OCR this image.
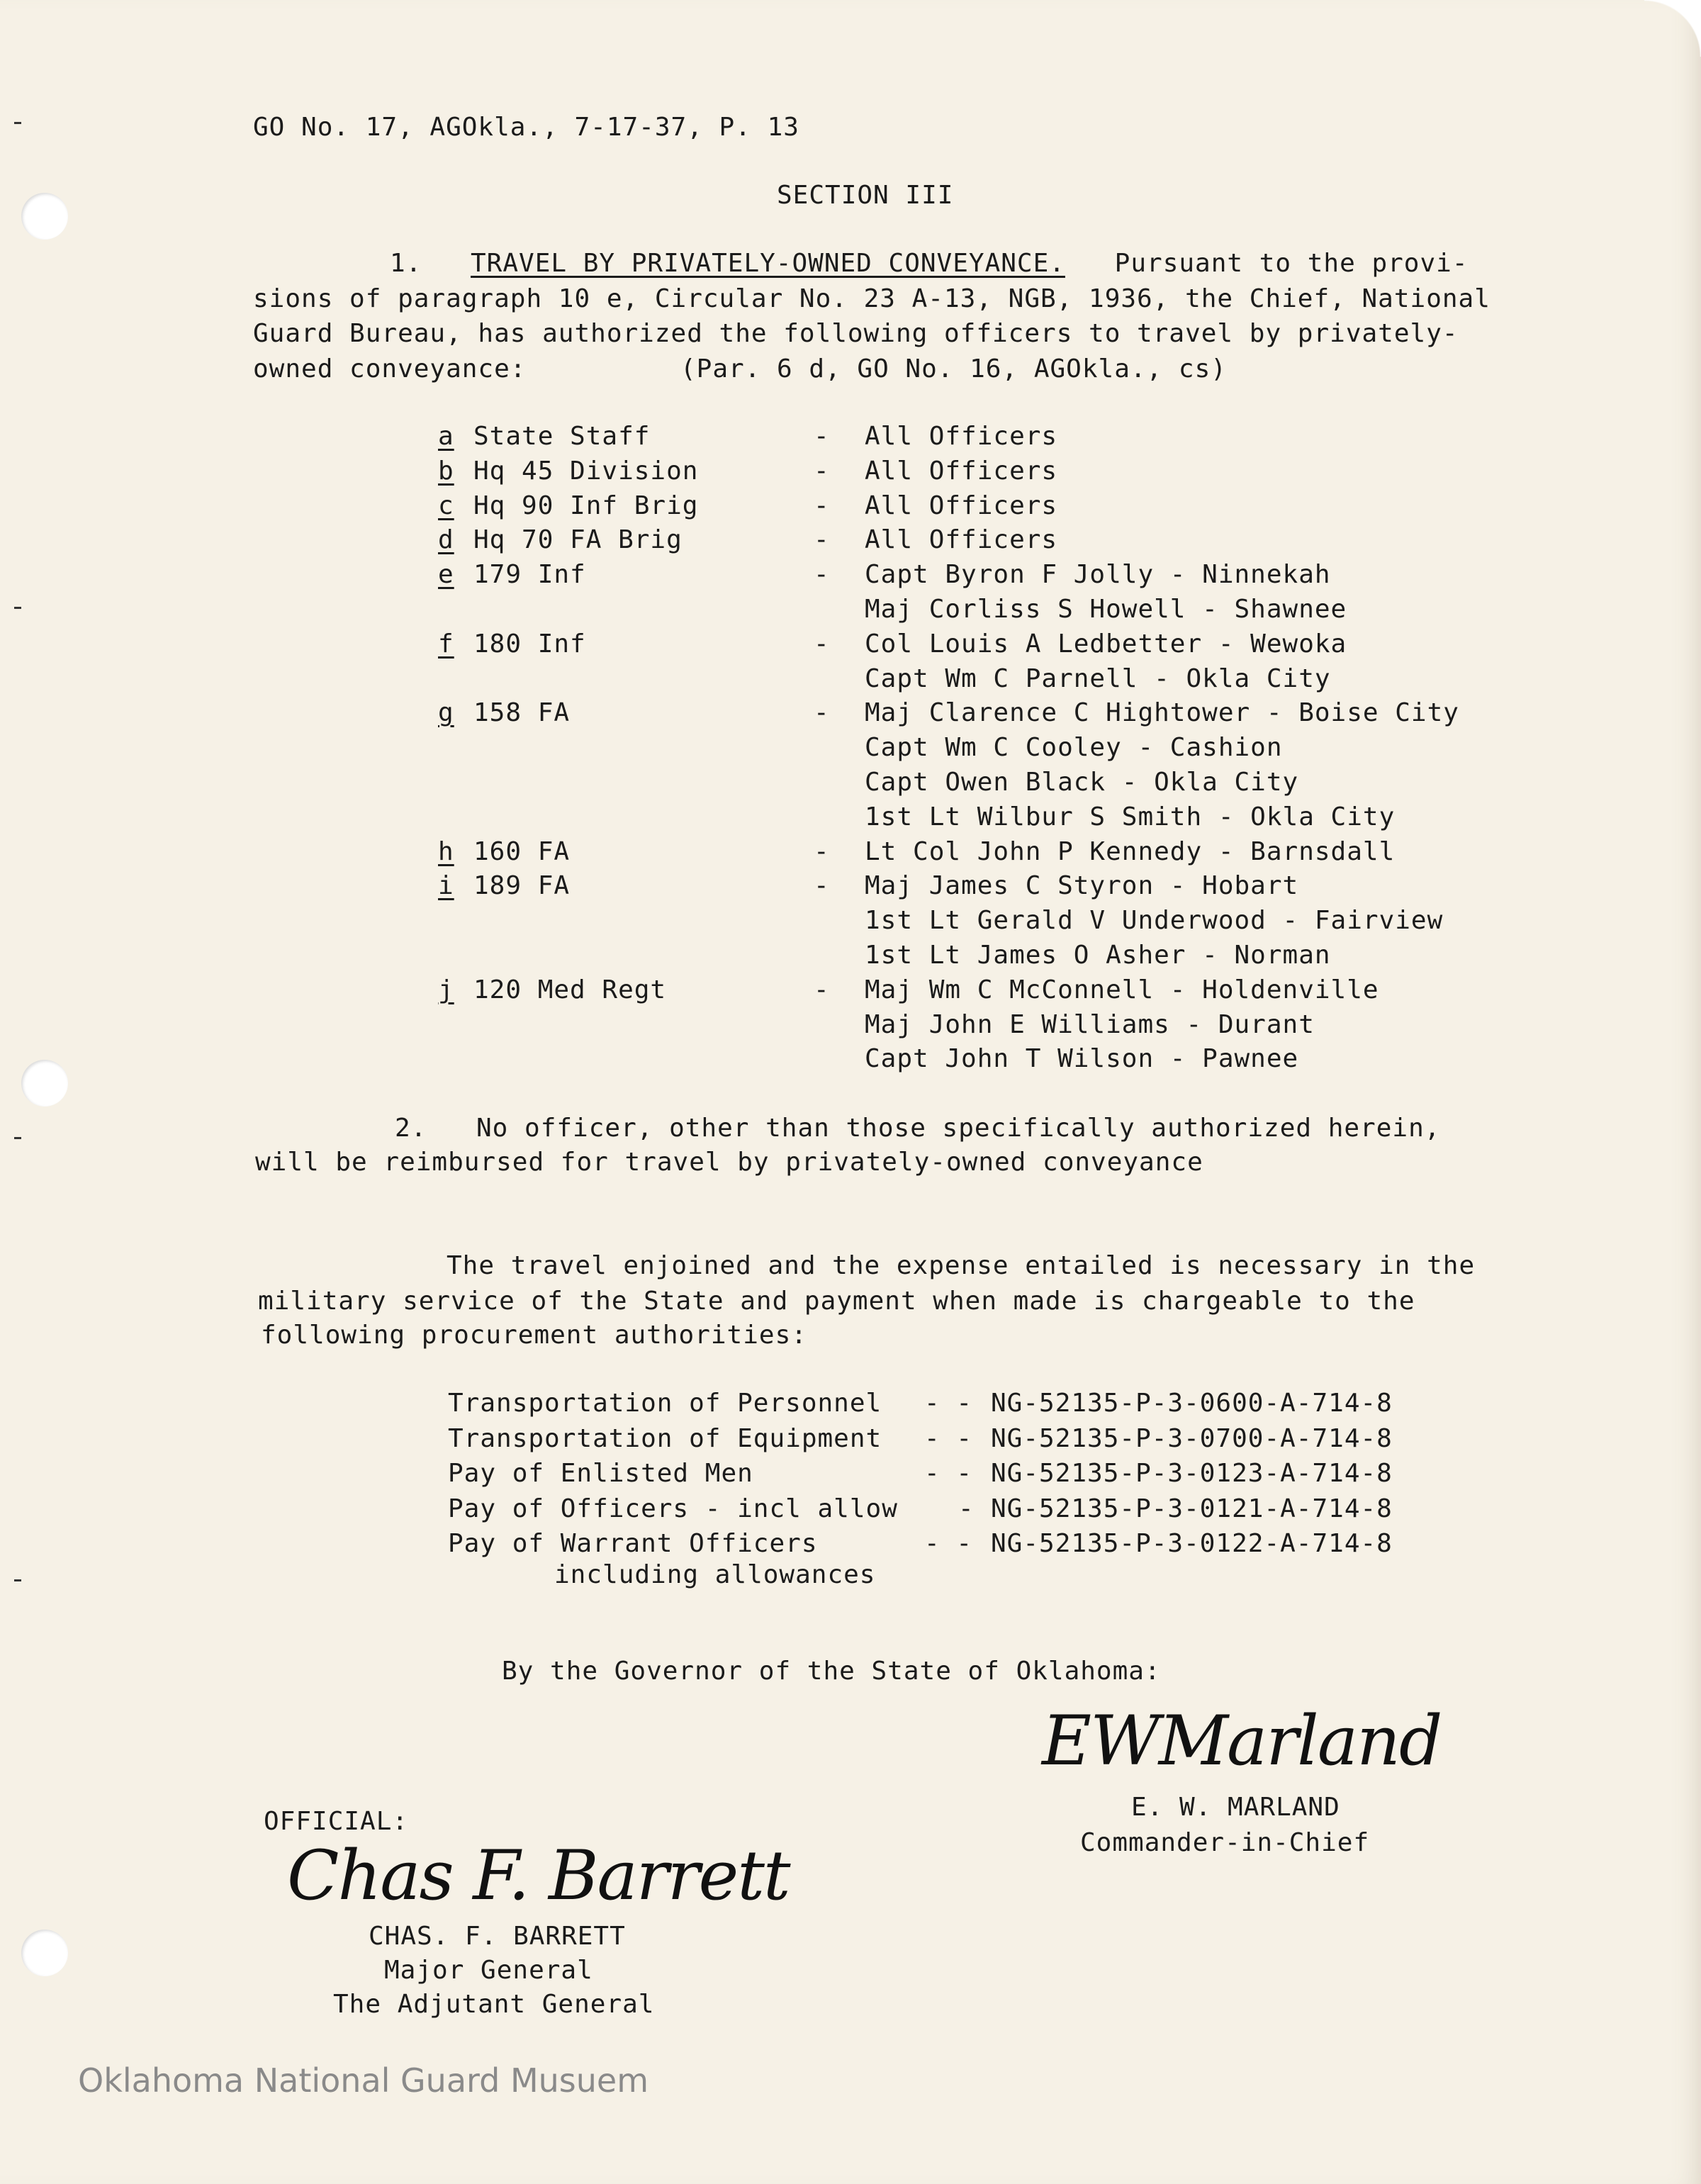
GO No. 17, AGOkla., 7-17-37, P. 13
SECTION III
1. TRAVEL BY PRIVATELY-OWNED CONVEYANCE. Pursuant to the provi-
sions of paragraph 10 e, Circular No. 23 A-13, NGB, 1936, the Chief, National
Guard Bureau, has authorized the following officers to travel by privately-
owned conveyance:	(Par. 6 d, GO No. 16, AGOkla., cs)
a State Staff	- All Officers
b Hq 45 Division	- All Officers
c Hq 90 Inf Brig	- All Officers
d Hq 70 FA Brig	- All Officers
e 179 Inf	- Capt Byron F Jolly - Ninnekah
Maj Corliss S Howell - Shawnee
f 180 Inf	- Col Louis A Ledbetter - Wewoka
Capt Wm C Parnell - Okla City
g 158 FA	- Maj Clarence C Hightower - Boise City
Capt Wm C Cooley - Cashion
Capt Owen Black - Okla City
1st Lt Wilbur S Smith - Okla City
h 160 FA	- Lt Col John P Kennedy - Barnsdall
i 189 FA	- Maj James C Styron - Hobart
1st Lt Gerald V Underwood - Fairview
1st Lt James O Asher - Norman
j 120 Med Regt	- Maj Wm C McConnell - Holdenville
Maj John E Williams - Durant
Capt John T Wilson - Pawnee
2. No officer, other than those specifically authorized herein,
will be reimbursed for travel by privately-owned conveyance
The travel enjoined and the expense entailed is necessary in the
military service of the State and payment when made is chargeable to the
following procurement authorities:
Transportation of Personnel - - NG-52135-P-3-0600-A-714-8
Transportation of Equipment - - NG-52135-P-3-0700-A-714-8
Pay of Enlisted Men	- - NG-52135-P-3-0123-A-714-8
Pay of Officers - incl allow - NG-52135-P-3-0121-A-714-8
Pay of Warrant Officers	- - NG-52135-P-3-0122-A-714-8
including allowances
By the Governor of the State of Oklahoma:
EWMarland
E. W. MARLAND
Commander-in-Chief
OFFICIAL:
Chas F. Barrett
CHAS. F. BARRETT
Major General
The Adjutant General
Oklahoma National Guard Musuem
